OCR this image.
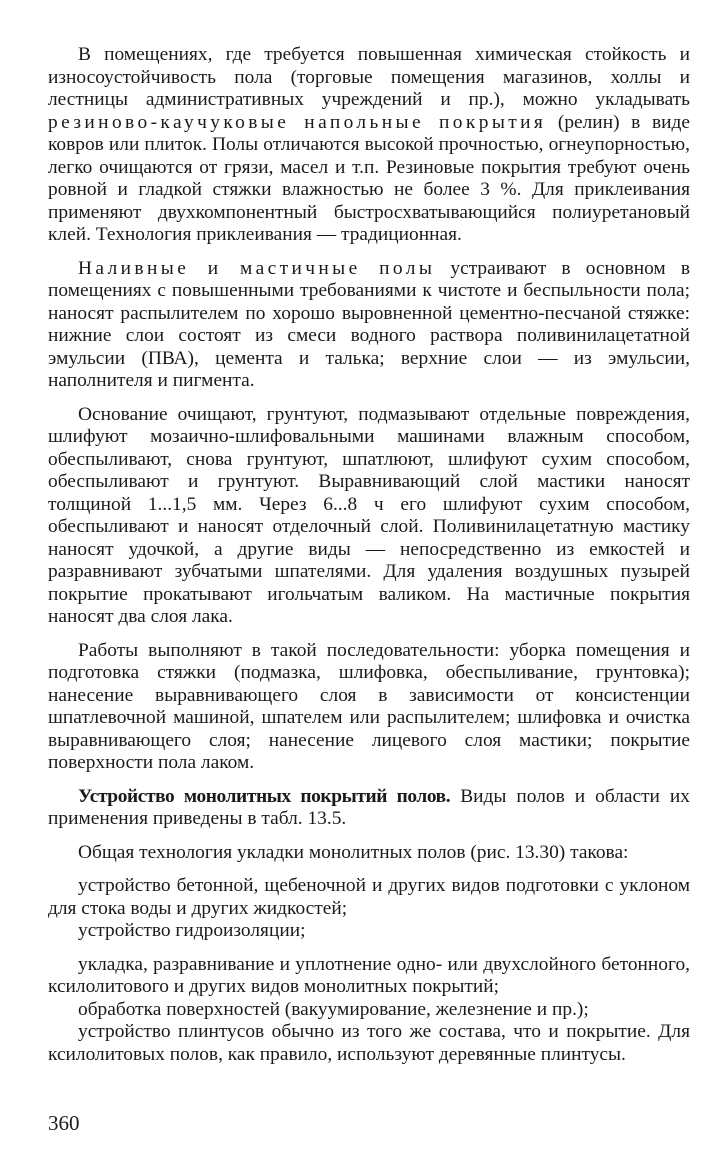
В помещениях, где требуется повышенная химическая стойкость и износоустойчивость пола (торговые помещения магазинов, холлы и лестницы административных учреждений и пр.), можно укладывать резиново-каучуковые напольные покрытия (релин) в виде ковров или плиток. Полы отличаются высокой прочностью, огнеупорностью, легко очищаются от грязи, масел и т.п. Резиновые покрытия требуют очень ровной и гладкой стяжки влажностью не более 3 %. Для приклеивания применяют двухкомпонентный быстросхватывающийся полиуретановый клей. Технология приклеивания — традиционная.

Наливные и мастичные полы устраивают в основном в помещениях с повышенными требованиями к чистоте и беспыльности пола; наносят распылителем по хорошо выровненной цементно-песчаной стяжке: нижние слои состоят из смеси водного раствора поливинилацетатной эмульсии (ПВА), цемента и талька; верхние слои — из эмульсии, наполнителя и пигмента.

Основание очищают, грунтуют, подмазывают отдельные повреждения, шлифуют мозаично-шлифовальными машинами влажным способом, обеспыливают, снова грунтуют, шпатлюют, шлифуют сухим способом, обеспыливают и грунтуют. Выравнивающий слой мастики наносят толщиной 1...1,5 мм. Через 6...8 ч его шлифуют сухим способом, обеспыливают и наносят отделочный слой. Поливинилацетатную мастику наносят удочкой, а другие виды — непосредственно из емкостей и разравнивают зубчатыми шпателями. Для удаления воздушных пузырей покрытие прокатывают игольчатым валиком. На мастичные покрытия наносят два слоя лака.

Работы выполняют в такой последовательности: уборка помещения и подготовка стяжки (подмазка, шлифовка, обеспыливание, грунтовка); нанесение выравнивающего слоя в зависимости от консистенции шпатлевочной машиной, шпателем или распылителем; шлифовка и очистка выравнивающего слоя; нанесение лицевого слоя мастики; покрытие поверхности пола лаком.

Устройство монолитных покрытий полов. Виды полов и области их применения приведены в табл. 13.5.

Общая технология укладки монолитных полов (рис. 13.30) такова:

устройство бетонной, щебеночной и других видов подготовки с уклоном для стока воды и других жидкостей;

устройство гидроизоляции;

укладка, разравнивание и уплотнение одно- или двухслойного бетонного, ксилолитового и других видов монолитных покрытий;

обработка поверхностей (вакуумирование, железнение и пр.);

устройство плинтусов обычно из того же состава, что и покрытие. Для ксилолитовых полов, как правило, используют деревянные плинтусы.

360
